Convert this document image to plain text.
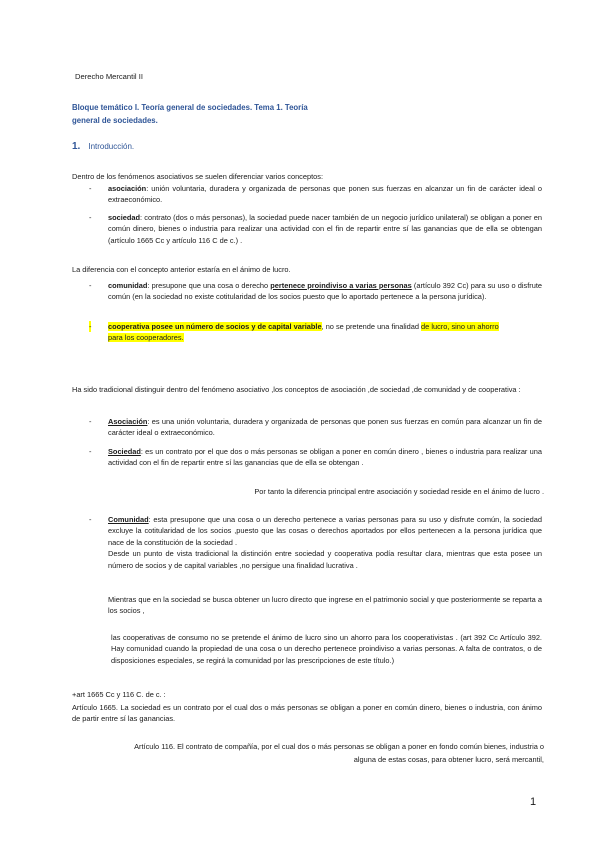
Derecho Mercantil II
Bloque temático I. Teoría general de sociedades. Tema 1. Teoría
general de sociedades.
1. Introducción.
Dentro de los fenómenos asociativos se suelen diferenciar varios conceptos:
- asociación: unión voluntaria, duradera y organizada de personas que ponen sus fuerzas en alcanzar un fin de carácter ideal o extraeconómico.
- sociedad: contrato (dos o más personas), la sociedad puede nacer también de un negocio jurídico unilateral) se obligan a poner en común dinero, bienes o industria para realizar una actividad con el fin de repartir entre sí las ganancias que de ella se obtengan (artículo 1665 Cc y artículo 116 C de c.) .
La diferencia con el concepto anterior estaría en el ánimo de lucro.
- comunidad: presupone que una cosa o derecho pertenece proindiviso a varias personas (artículo 392 Cc) para su uso o disfrute común (en la sociedad no existe cotitularidad de los socios puesto que lo aportado pertenece a la persona jurídica).
- cooperativa posee un número de socios y de capital variable, no se pretende una finalidad de lucro, sino un ahorro
para los cooperadores.
Ha sido tradicional distinguir dentro del fenómeno asociativo ,los conceptos de asociación ,de sociedad ,de comunidad y de cooperativa :
- Asociación: es una unión voluntaria, duradera y organizada de personas que ponen sus fuerzas en común para alcanzar un fin de carácter ideal o extraeconómico.
- Sociedad: es un contrato por el que dos o más personas se obligan a poner en común dinero , bienes o industria para realizar una actividad con el fin de repartir entre sí las ganancias que de ella se obtengan .
Por tanto la diferencia principal entre asociación y sociedad reside en el ánimo de lucro .
- Comunidad: esta presupone que una cosa o un derecho pertenece a varias personas para su uso y disfrute común, la sociedad excluye la cotitularidad de los socios ,puesto que las cosas o derechos aportados por ellos pertenecen a la persona jurídica que nace de la constitución de la sociedad .
Desde un punto de vista tradicional la distinción entre sociedad y cooperativa podía resultar clara, mientras que esta posee un número de socios y de capital variables ,no persigue una finalidad lucrativa .
Mientras que en la sociedad se busca obtener un lucro directo que ingrese en el patrimonio social y que posteriormente se reparta a los socios ,
las cooperativas de consumo no se pretende el ánimo de lucro sino un ahorro para los cooperativistas . (art 392 Cc Artículo 392. Hay comunidad cuando la propiedad de una cosa o un derecho pertenece proindiviso a varias personas. A falta de contratos, o de disposiciones especiales, se regirá la comunidad por las prescripciones de este título.)
+art 1665 Cc y 116 C. de c. :
Artículo 1665. La sociedad es un contrato por el cual dos o más personas se obligan a poner en común dinero, bienes o industria, con ánimo de partir entre sí las ganancias.
Artículo 116. El contrato de compañía, por el cual dos o más personas se obligan a poner en fondo común bienes, industria o
alguna de estas cosas, para obtener lucro, será mercantil,
1
